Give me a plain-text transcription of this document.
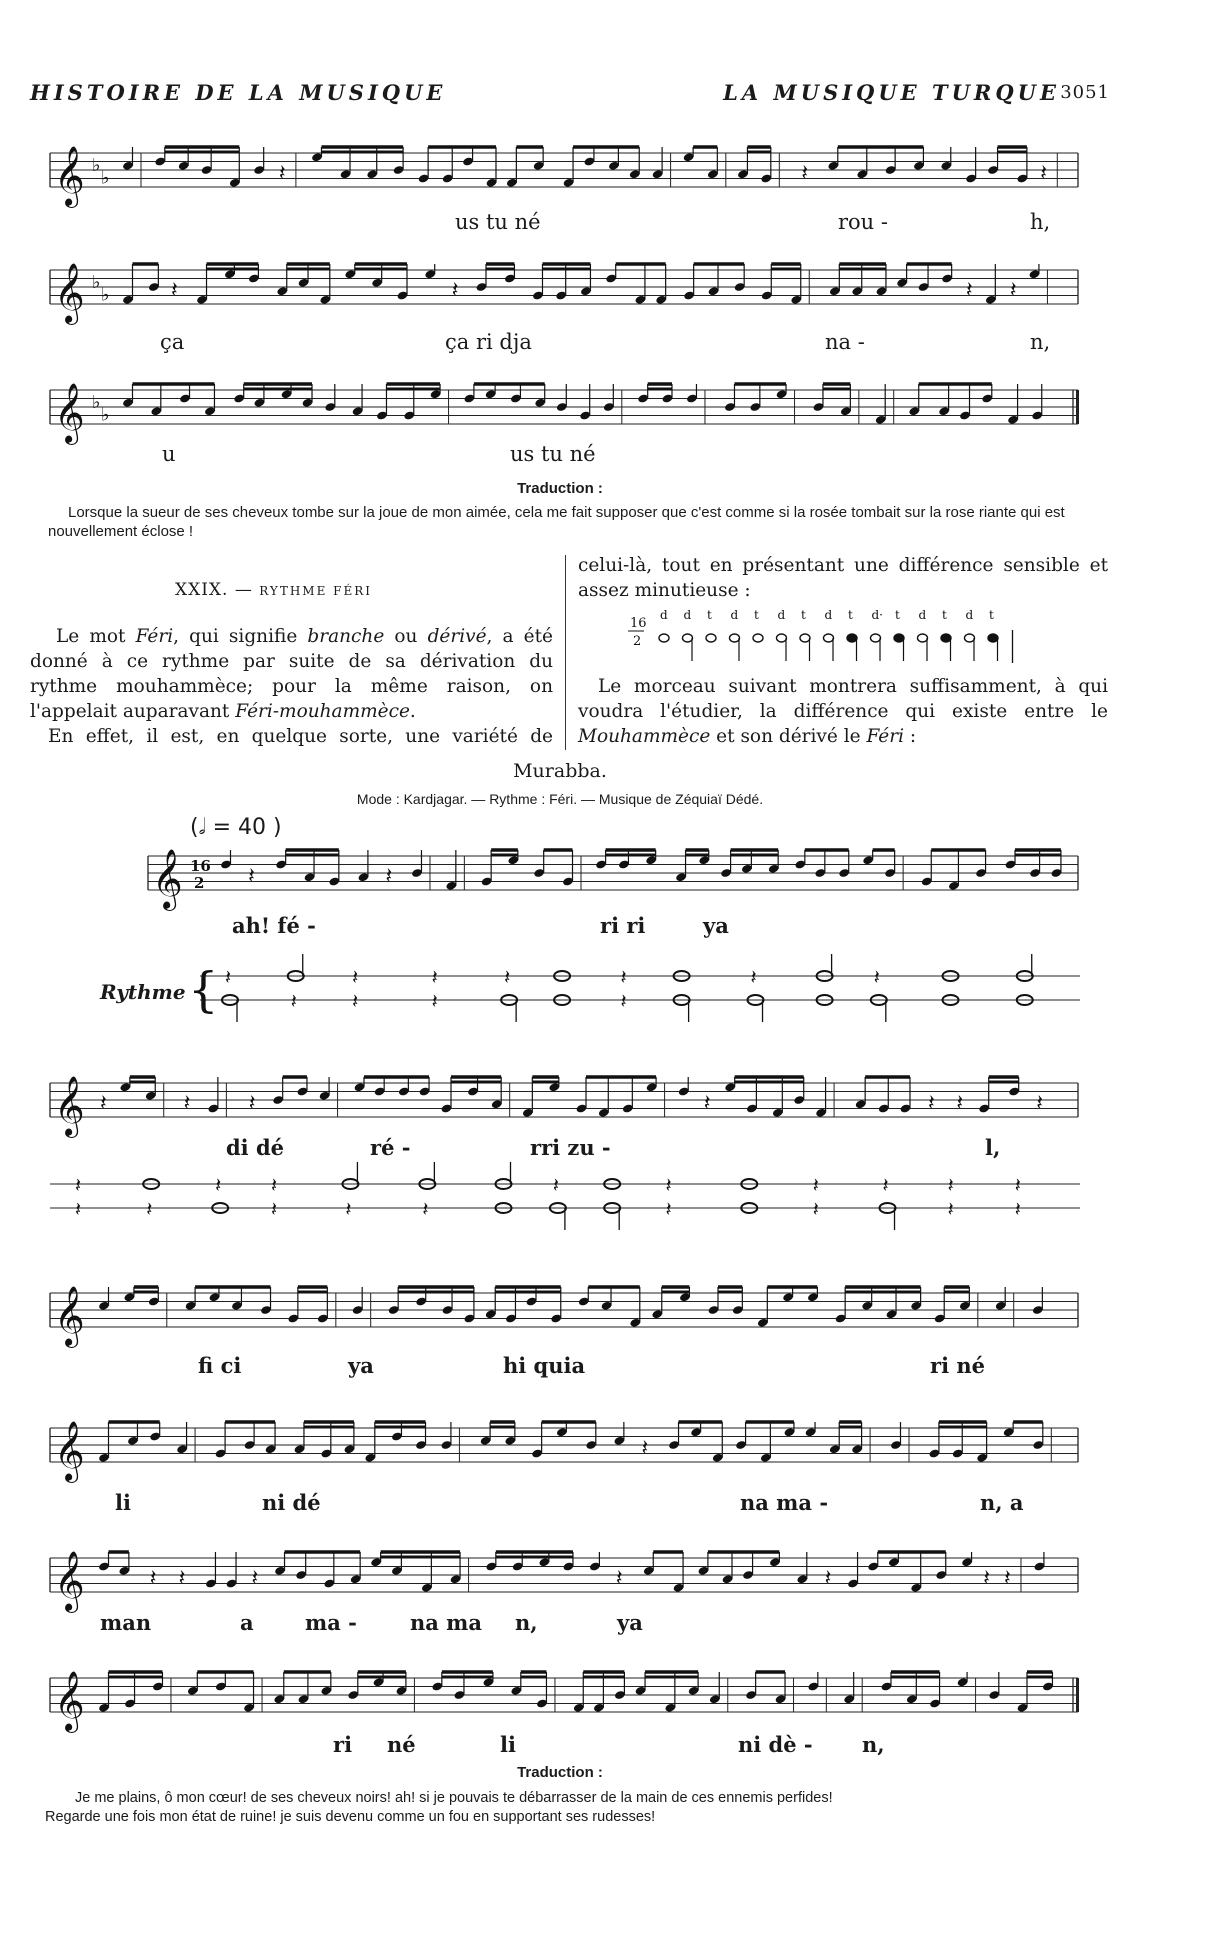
HISTOIRE DE LA MUSIQUE	LA MUSIQUE TURQUE 3051
𝄞 ♭
♭	𝄽	𝄽	𝄽
us tu né	rou -	h,
𝄞 ♭
♭	𝄽	𝄽	𝄽 𝄽
ça	ça ri dja	na -	n,
𝄞 ♭
♭
u	us tu né
Traduction :
Lorsque la sueur de ses cheveux tombe sur la joue de mon aimée, cela me fait supposer que c'est comme si la rosée tombait sur la rose riante qui est nouvellement éclose !
XXIX. — RYTHME FÉRI
Le mot Féri, qui signifie branche ou dérivé, a été donné à ce rythme par suite de sa dérivation du rythme mouhammèce; pour la même raison, on l'appelait auparavant Féri-mouhammèce.
En effet, il est, en quelque sorte, une variété de
celui-là, tout en présentant une différence sensible et assez minutieuse :
16
2
d d t d t d t d t d· t d t d t
Le morceau suivant montrera suffisamment, à qui voudra l'étudier, la différence qui existe entre le Mouhammèce et son dérivé le Féri :
Murabba.
Mode : Kardjagar. — Rythme : Féri. — Musique de Zéquiaï Dédé.
(𝅗𝅥 = 40 )
𝄞 16
2 𝄽	𝄽
ah! fé -	ri ri	ya
Rythme { 𝄽
𝄽
𝄽
𝄽
𝄽
𝄽
𝄽	𝄽
𝄽
𝄽	𝄽
𝄞 𝄽	𝄽	𝄽	𝄽	𝄽 𝄽	𝄽
di dé	ré -	rri zu -	l,
𝄽
𝄽	𝄽
𝄽 𝄽
𝄽	𝄽	𝄽
𝄽	𝄽
𝄽
𝄽
𝄽
𝄽	𝄽
𝄽
𝄽
𝄽
𝄞
fi ci	ya	hi quia	ri né
𝄞	𝄽
li	ni dé	na ma -	n, a
𝄞	𝄽 𝄽	𝄽	𝄽	𝄽	𝄽 𝄽
man	a ma -	na ma n,	ya
𝄞
ri né	li	ni dè - n,
Traduction :
Je me plains, ô mon cœur! de ses cheveux noirs! ah! si je pouvais te débarrasser de la main de ces ennemis perfides!
Regarde une fois mon état de ruine! je suis devenu comme un fou en supportant ses rudesses!
